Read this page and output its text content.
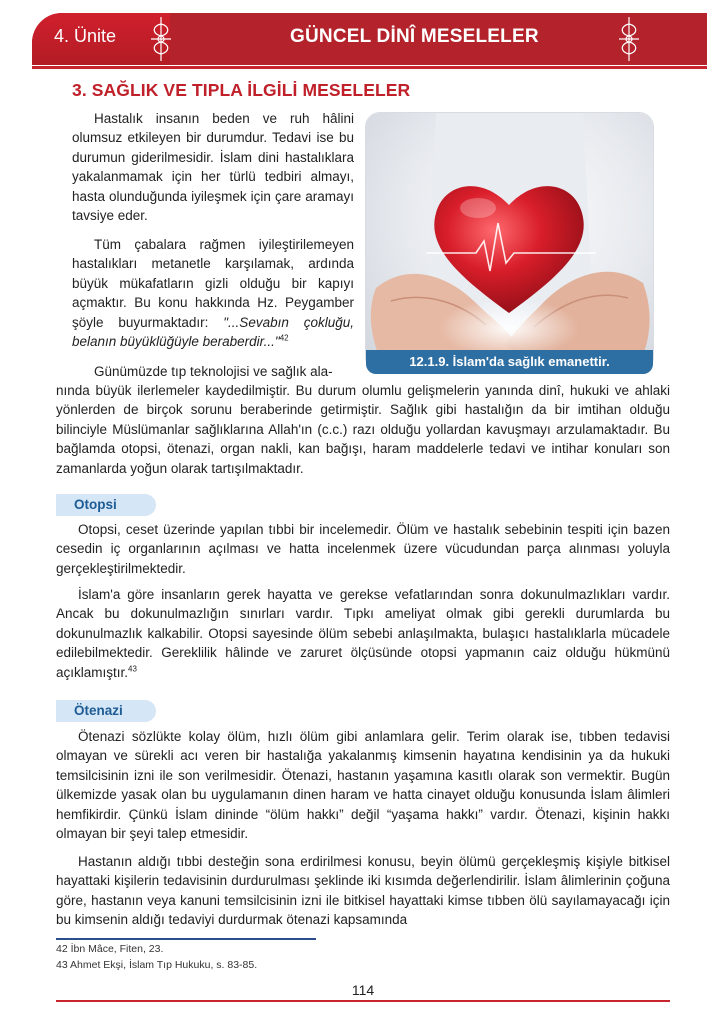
4. Ünite	GÜNCEL DİNÎ MESELELER
3. SAĞLIK VE TIPLA İLGİLİ MESELELER

Hastalık insanın beden ve ruh hâlini olumsuz etkileyen bir durumdur. Tedavi ise bu durumun giderilmesidir. İslam dini hastalıklara yakalanmamak için her türlü tedbiri almayı, hasta olunduğunda iyileşmek için çare aramayı tavsiye eder.

Tüm çabalara rağmen iyileştirilemeyen hastalıkları metanetle karşılamak, ardında büyük mükafatların gizli olduğu bir kapıyı açmaktır. Bu konu hakkında Hz. Peygamber şöyle buyurmaktadır: "...Sevabın çokluğu, belanın büyüklüğüyle beraberdir..."$^{42}$

Günümüzde tıp teknolojisi ve sağlık ala-

nında büyük ilerlemeler kaydedilmiştir. Bu durum olumlu gelişmelerin yanında dinî, hukuki ve ahlaki yönlerden de birçok sorunu beraberinde getirmiştir. Sağlık gibi hastalığın da bir imtihan olduğu bilinciyle Müslümanlar sağlıklarına Allah'ın (c.c.) razı olduğu yollardan kavuşmayı arzulamaktadır. Bu bağlamda otopsi, ötenazi, organ nakli, kan bağışı, haram maddelerle tedavi ve intihar konuları son zamanlarda yoğun olarak tartışılmaktadır.

12.1.9. İslam'da sağlık emanettir.
Otopsi

Otopsi, ceset üzerinde yapılan tıbbi bir incelemedir. Ölüm ve hastalık sebebinin tespiti için bazen cesedin iç organlarının açılması ve hatta incelenmek üzere vücudundan parça alınması yoluyla gerçekleştirilmektedir.

İslam'a göre insanların gerek hayatta ve gerekse vefatlarından sonra dokunulmazlıkları vardır. Ancak bu dokunulmazlığın sınırları vardır. Tıpkı ameliyat olmak gibi gerekli durumlarda bu dokunulmazlık kalkabilir. Otopsi sayesinde ölüm sebebi anlaşılmakta, bulaşıcı hastalıklarla mücadele edilebilmektedir. Gereklilik hâlinde ve zaruret ölçüsünde otopsi yapmanın caiz olduğu hükmünü açıklamıştır.$^{43}$

Ötenazi

Ötenazi sözlükte kolay ölüm, hızlı ölüm gibi anlamlara gelir. Terim olarak ise, tıbben tedavisi olmayan ve sürekli acı veren bir hastalığa yakalanmış kimsenin hayatına kendisinin ya da hukuki temsilcisinin izni ile son verilmesidir. Ötenazi, hastanın yaşamına kasıtlı olarak son vermektir. Bugün ülkemizde yasak olan bu uygulamanın dinen haram ve hatta cinayet olduğu konusunda İslam âlimleri hemfikirdir. Çünkü İslam dininde “ölüm hakkı” değil “yaşama hakkı” vardır. Ötenazi, kişinin hakkı olmayan bir şeyi talep etmesidir.

Hastanın aldığı tıbbi desteğin sona erdirilmesi konusu, beyin ölümü gerçekleşmiş kişiyle bitkisel hayattaki kişilerin tedavisinin durdurulması şeklinde iki kısımda değerlendirilir. İslam âlimlerinin çoğuna göre, hastanın veya kanuni temsilcisinin izni ile bitkisel hayattaki kimse tıbben ölü sayılamayacağı için bu kimsenin aldığı tedaviyi durdurmak ötenazi kapsamında

42 İbn Mâce, Fiten, 23.
43 Ahmet Ekşi, İslam Tıp Hukuku, s. 83-85.
114
